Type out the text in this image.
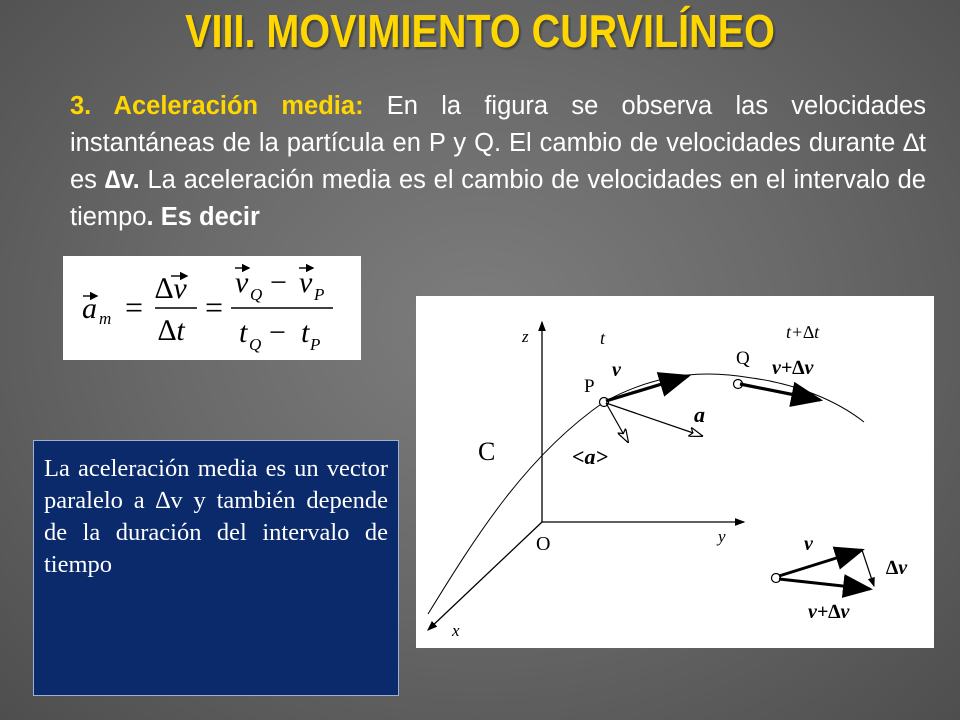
VIII. MOVIMIENTO CURVILÍNEO
3. Aceleración media: En la figura se observa las velocidades instantáneas de la partícula en P y Q. El cambio de velocidades durante ∆t es ∆v. La aceleración media es el cambio de velocidades en el intervalo de tiempo. Es decir
a m =
∆v
∆t
=
v Q − v P
t Q − t P
La aceleración media es un vector paralelo a ∆v y también depende de la duración del intervalo de tiempo
z
y
x
O
C
P
t
v
a
<a>
Q
t+∆t
v+∆v
v
∆v
v+∆v
